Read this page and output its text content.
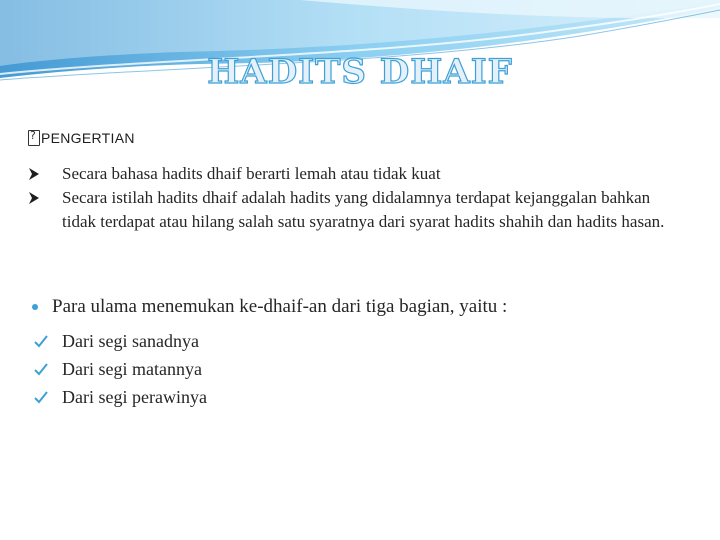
HADITS DHAIF
?
PENGERTIAN
Secara bahasa hadits dhaif berarti lemah atau tidak kuat
Secara istilah hadits dhaif adalah hadits yang didalamnya terdapat kejanggalan bahkan tidak terdapat atau hilang salah satu syaratnya dari syarat hadits shahih dan hadits hasan.
Para ulama menemukan ke-dhaif-an dari tiga bagian, yaitu :
Dari segi sanadnya
Dari segi matannya
Dari segi perawinya
